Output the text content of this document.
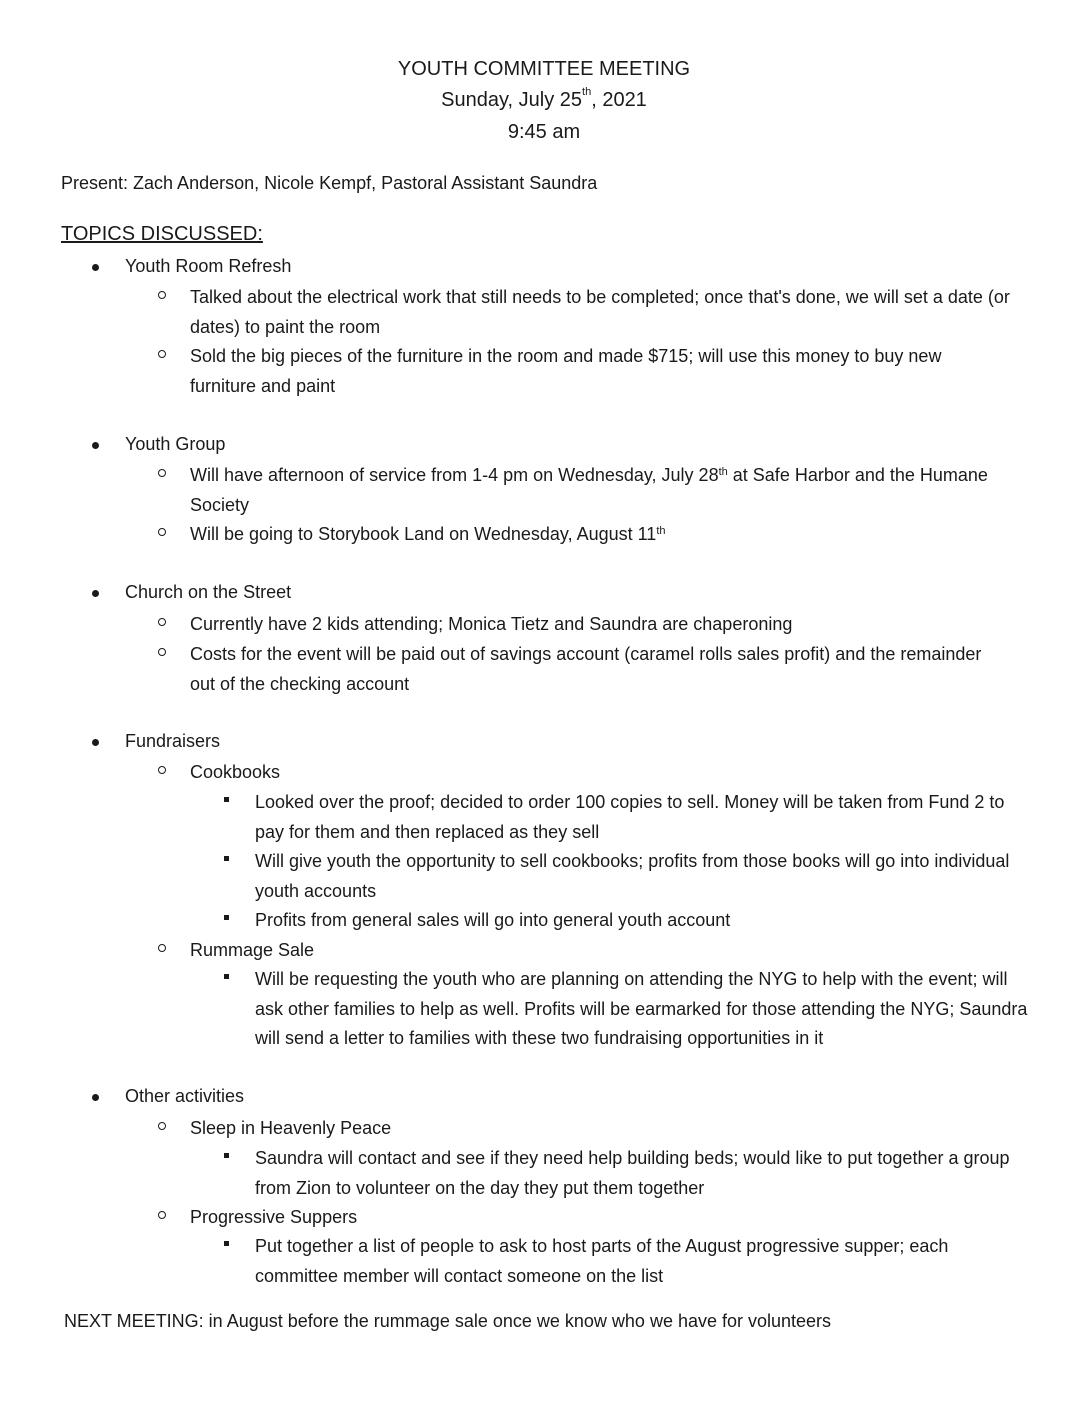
YOUTH COMMITTEE MEETING
Sunday, July 25th, 2021
9:45 am
Present: Zach Anderson, Nicole Kempf, Pastoral Assistant Saundra
TOPICS DISCUSSED:
Youth Room Refresh
Talked about the electrical work that still needs to be completed; once that's done, we will set a date (or dates) to paint the room
Sold the big pieces of the furniture in the room and made $715; will use this money to buy new furniture and paint
Youth Group
Will have afternoon of service from 1-4 pm on Wednesday, July 28th at Safe Harbor and the Humane Society
Will be going to Storybook Land on Wednesday, August 11th
Church on the Street
Currently have 2 kids attending; Monica Tietz and Saundra are chaperoning
Costs for the event will be paid out of savings account (caramel rolls sales profit) and the remainder out of the checking account
Fundraisers
Cookbooks
Looked over the proof; decided to order 100 copies to sell. Money will be taken from Fund 2 to pay for them and then replaced as they sell
Will give youth the opportunity to sell cookbooks; profits from those books will go into individual youth accounts
Profits from general sales will go into general youth account
Rummage Sale
Will be requesting the youth who are planning on attending the NYG to help with the event; will ask other families to help as well. Profits will be earmarked for those attending the NYG; Saundra will send a letter to families with these two fundraising opportunities in it
Other activities
Sleep in Heavenly Peace
Saundra will contact and see if they need help building beds; would like to put together a group from Zion to volunteer on the day they put them together
Progressive Suppers
Put together a list of people to ask to host parts of the August progressive supper; each committee member will contact someone on the list
NEXT MEETING: in August before the rummage sale once we know who we have for volunteers
